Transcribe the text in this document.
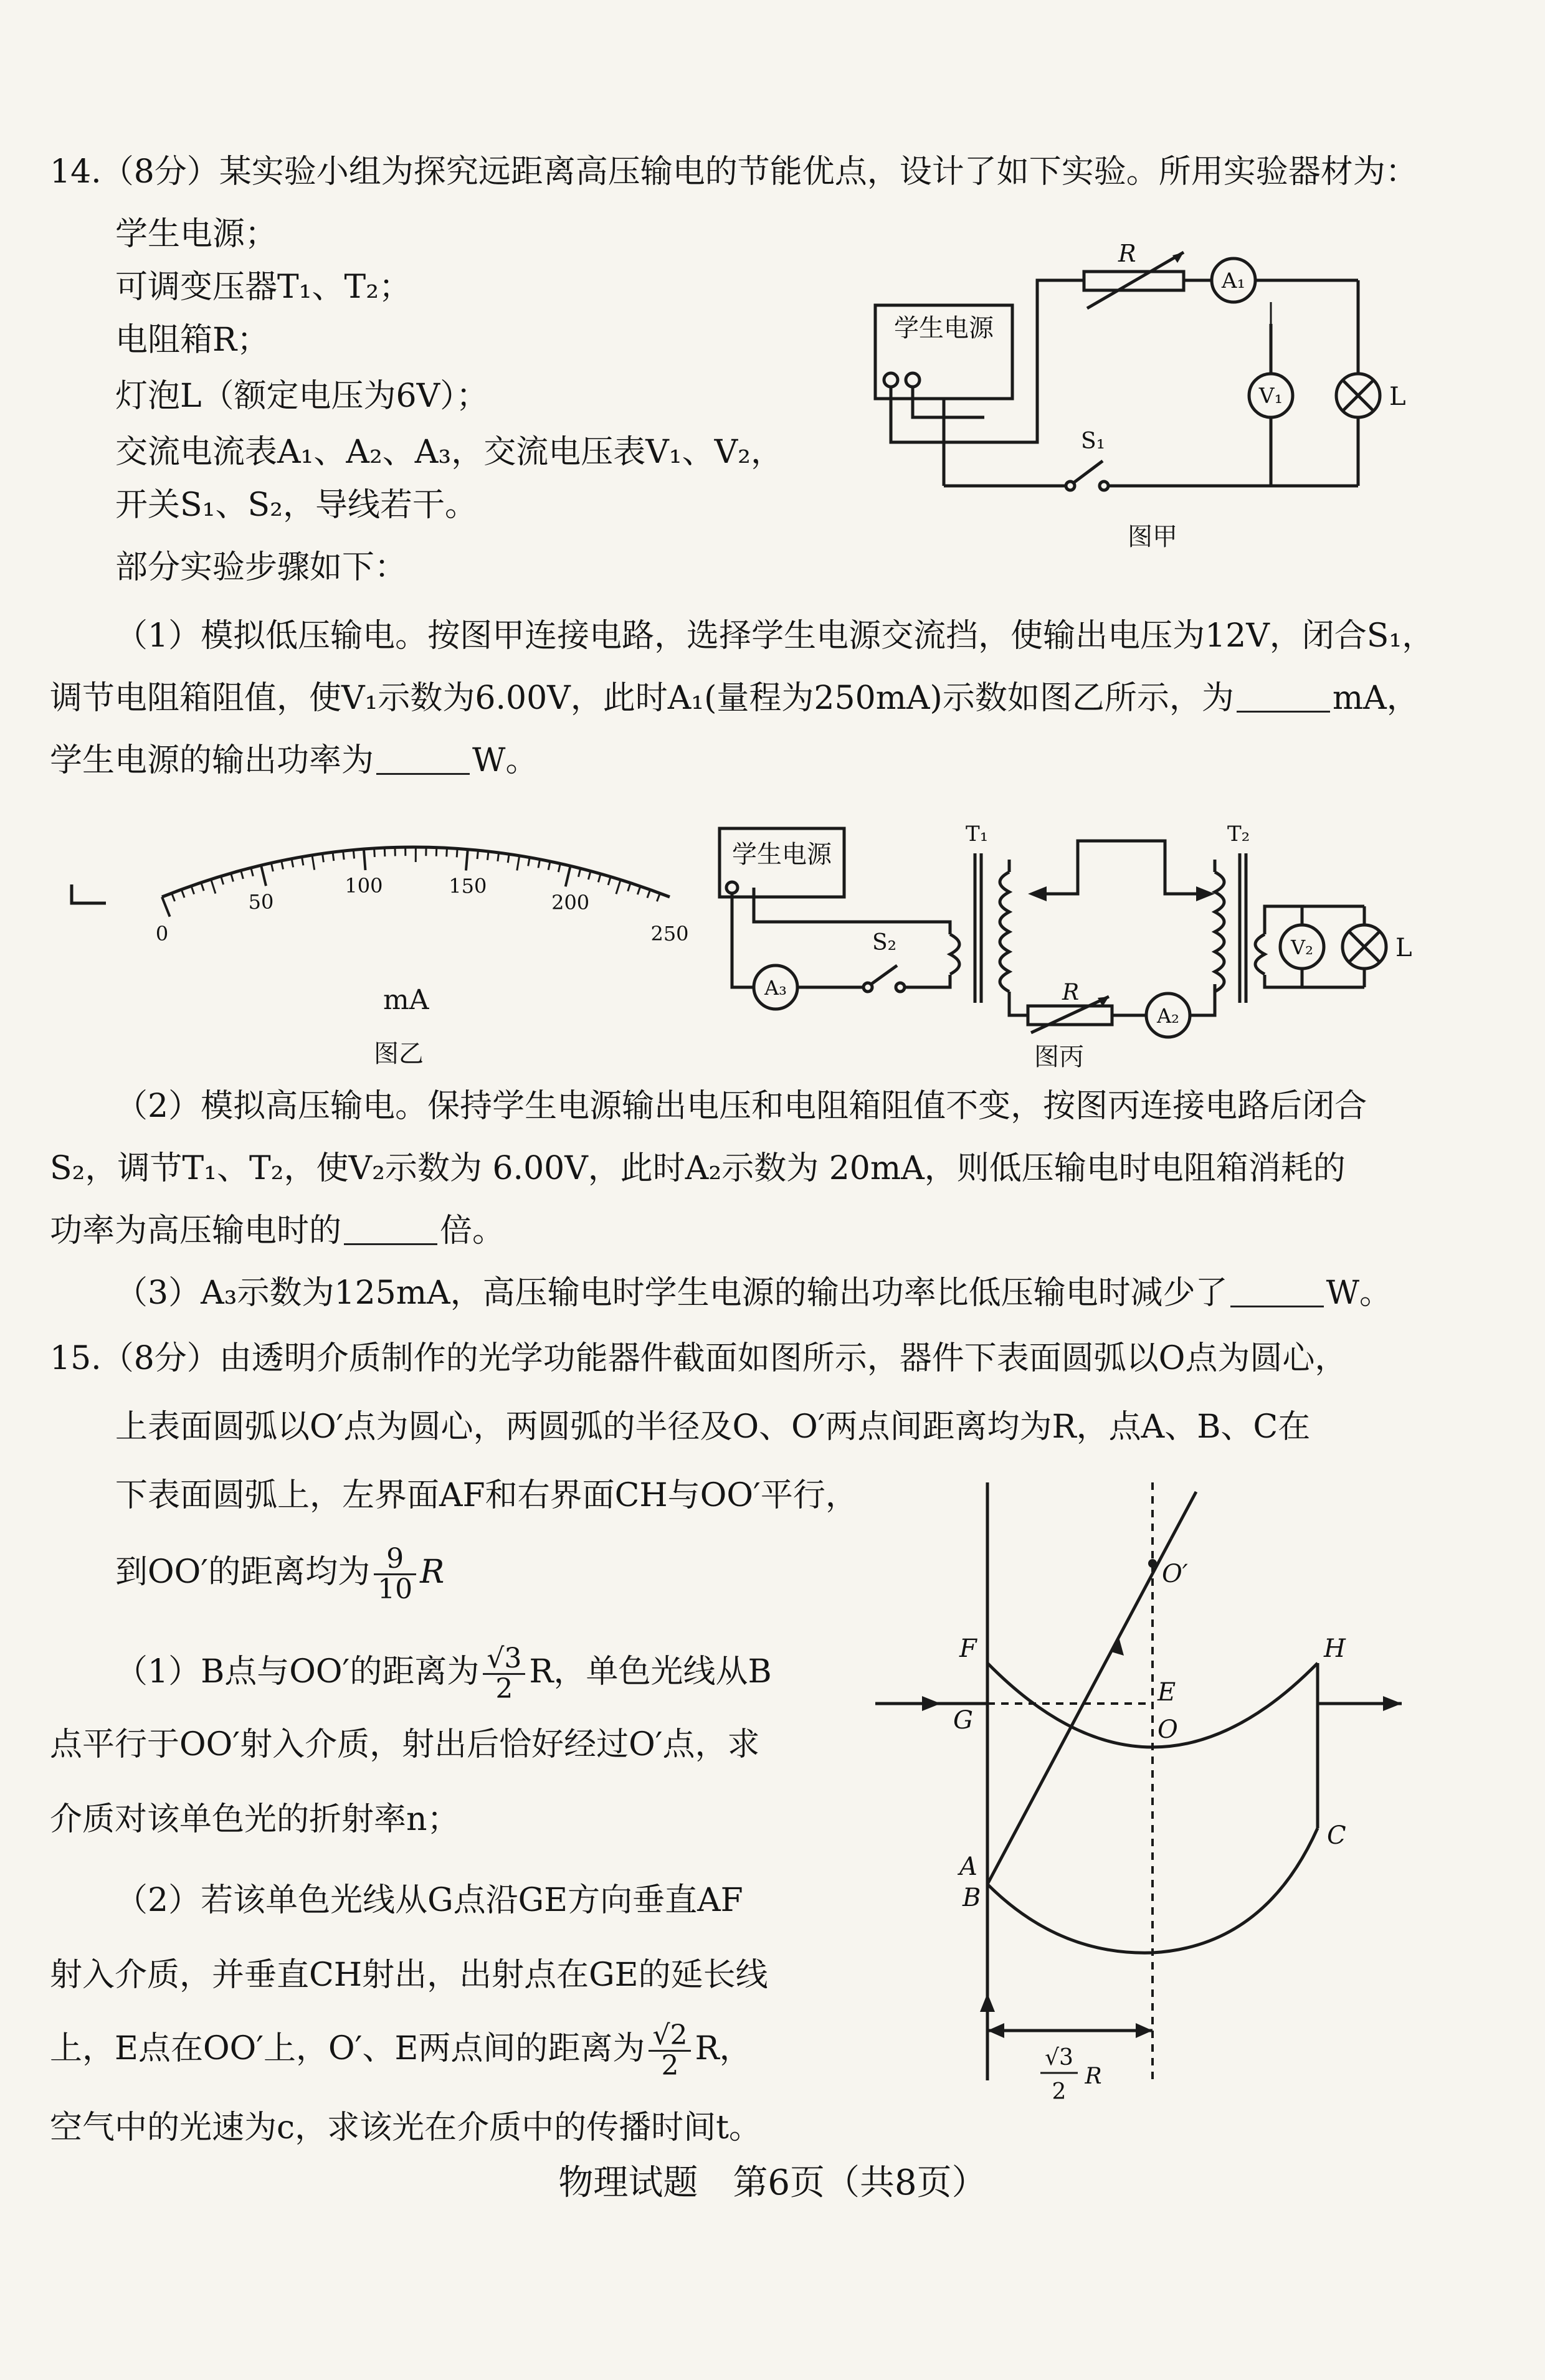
14.（8分）某实验小组为探究远距离高压输电的节能优点，设计了如下实验。所用实验器材为：
学生电源；
可调变压器T₁、T₂；
电阻箱R；
灯泡L（额定电压为6V）；
交流电流表A₁、A₂、A₃，交流电压表V₁、V₂，
开关S₁、S₂，导线若干。
部分实验步骤如下：
（1）模拟低压输电。按图甲连接电路，选择学生电源交流挡，使输出电压为12V，闭合S₁，
调节电阻箱阻值，使V₁示数为6.00V，此时A₁(量程为250mA)示数如图乙所示，为	mA，
学生电源的输出功率为	W。
学生电源
R
A₁
V₁	L
S₁
图甲
0
50
100	150
200
250
mA
图乙
学生电源
T₁	T₂
S₂
A₃	R
A₂
V₂	L
图丙
（2）模拟高压输电。保持学生电源输出电压和电阻箱阻值不变，按图丙连接电路后闭合
S₂，调节T₁、T₂，使V₂示数为 6.00V，此时A₂示数为 20mA，则低压输电时电阻箱消耗的
功率为高压输电时的	倍。
（3）A₃示数为125mA，高压输电时学生电源的输出功率比低压输电时减少了	W。
15.（8分）由透明介质制作的光学功能器件截面如图所示，器件下表面圆弧以O点为圆心，
上表面圆弧以O′点为圆心，两圆弧的半径及O、O′两点间距离均为R，点A、B、C在
下表面圆弧上，左界面AF和右界面CH与OO′平行，
到OO′的距离均为 $\frac{9}{10}$ R
（1）B点与OO′的距离为 $\frac{√3}{2}$ R，单色光线从B
点平行于OO′射入介质，射出后恰好经过O′点，求
介质对该单色光的折射率n；
（2）若该单色光线从G点沿GE方向垂直AF
射入介质，并垂直CH射出，出射点在GE的延长线
上，E点在OO′上，O′、E两点间的距离为 $\frac{√2}{2}$ R，
空气中的光速为c，求该光在介质中的传播时间t。
O′
E
O
F
G
H
A
B
C
√3
2
R
物理试题　第6页（共8页）
